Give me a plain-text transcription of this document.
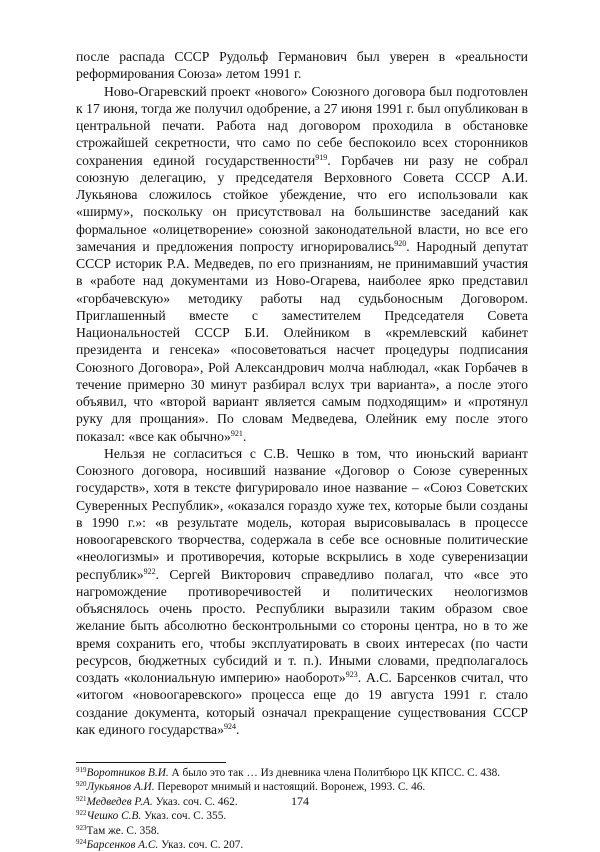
после распада СССР Рудольф Германович был уверен в «реальности реформирования Союза» летом 1991 г.

Ново-Огаревский проект «нового» Союзного договора был подготовлен к 17 июня, тогда же получил одобрение, а 27 июня 1991 г. был опубликован в центральной печати. Работа над договором проходила в обстановке строжайшей секретности, что само по себе беспокоило всех сторонников сохранения единой государственности$^{919}$. Горбачев ни разу не собрал союзную делегацию, у председателя Верховного Совета СССР А.И. Лукьянова сложилось стойкое убеждение, что его использовали как «ширму», поскольку он присутствовал на большинстве заседаний как формальное «олицетворение» союзной законодательной власти, но все его замечания и предложения попросту игнорировались$^{920}$. Народный депутат СССР историк Р.А. Медведев, по его признаниям, не принимавший участия в «работе над документами из Ново-Огарева, наиболее ярко представил «горбачевскую» методику работы над судьбоносным Договором. Приглашенный вместе с заместителем Председателя Совета Национальностей СССР Б.И. Олейником в «кремлевский кабинет президента и генсека» «посоветоваться насчет процедуры подписания Союзного Договора», Рой Александрович молча наблюдал, «как Горбачев в течение примерно 30 минут разбирал вслух три варианта», а после этого объявил, что «второй вариант является самым подходящим» и «протянул руку для прощания». По словам Медведева, Олейник ему после этого показал: «все как обычно»$^{921}$.

Нельзя не согласиться с С.В. Чешко в том, что июньский вариант Союзного договора, носивший название «Договор о Союзе суверенных государств», хотя в тексте фигурировало иное название – «Союз Советских Суверенных Республик», «оказался гораздо хуже тех, которые были созданы в 1990 г.»: «в результате модель, которая вырисовывалась в процессе новоогаревского творчества, содержала в себе все основные политические «неологизмы» и противоречия, которые вскрылись в ходе суверенизации республик»$^{922}$. Сергей Викторович справедливо полагал, что «все это нагромождение противоречивостей и политических неологизмов объяснялось очень просто. Республики выразили таким образом свое желание быть абсолютно бесконтрольными со стороны центра, но в то же время сохранить его, чтобы эксплуатировать в своих интересах (по части ресурсов, бюджетных субсидий и т. п.). Иными словами, предполагалось создать «колониальную империю» наоборот»$^{923}$. А.С. Барсенков считал, что «итогом «новоогаревского» процесса еще до 19 августа 1991 г. стало создание документа, который означал прекращение существования СССР как единого государства»$^{924}$.

$^{919}$Воротников В.И. А было это так … Из дневника члена Политбюро ЦК КПСС. С. 438.

$^{920}$Лукьянов А.И. Переворот мнимый и настоящий. Воронеж, 1993. С. 46.

$^{921}$Медведев Р.А. Указ. соч. С. 462.

$^{922}$Чешко С.В. Указ. соч. С. 355.

$^{923}$Там же. С. 358.

$^{924}$Барсенков А.С. Указ. соч. С. 207.

174
